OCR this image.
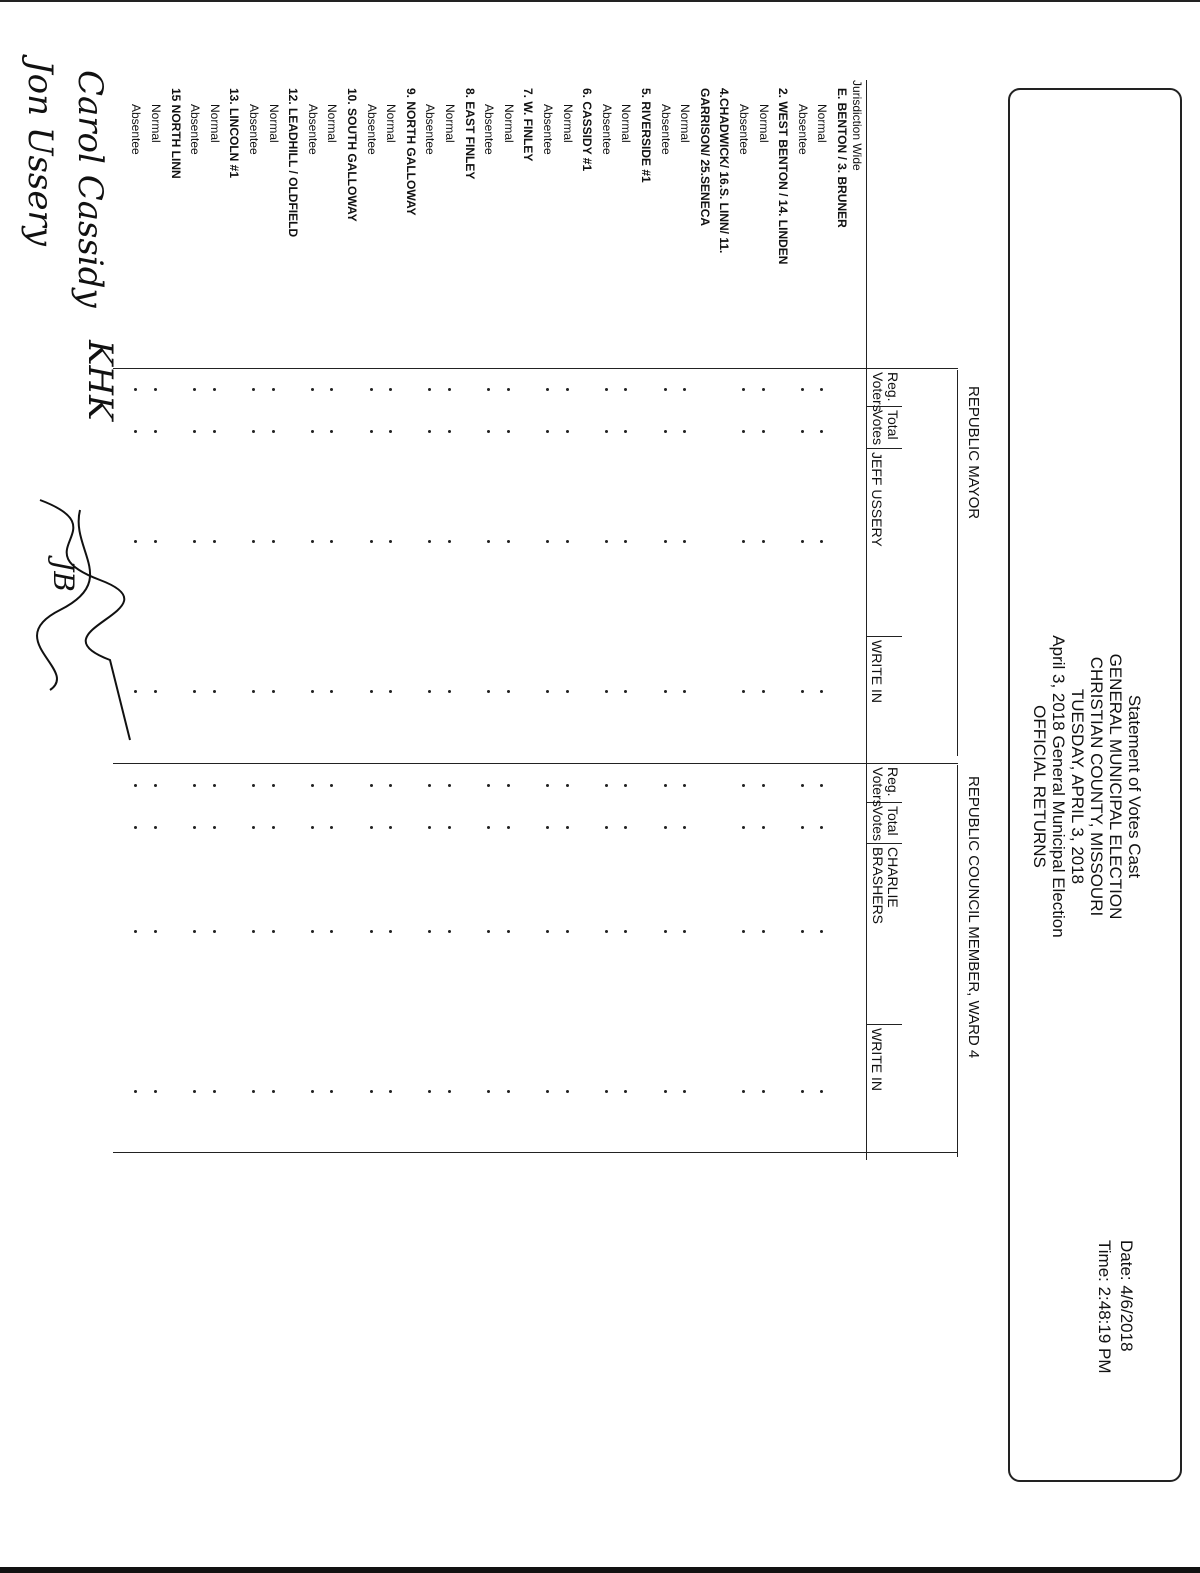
Statement of Votes Cast
GENERAL MUNICIPAL ELECTION
CHRISTIAN COUNTY, MISSOURI
TUESDAY, APRIL 3, 2018
April 3, 2018 General Municipal Election
OFFICIAL RETURNS
Date: 4/6/2018
Time: 2:48:19 PM
REPUBLIC MAYOR
REPUBLIC COUNCIL MEMBER, WARD 4
Reg.
Voters
Total
Votes
JEFF USSERY
WRITE IN
Reg.
Voters
Total
Votes
CHARLIE
BRASHERS
WRITE IN
Jurisdiction Wide
E. BENTON / 3. BRUNER
Normal
Absentee
2. WEST BENTON / 14. LINDEN
Normal
Absentee
4.CHADWICK/ 16.S. LINN/ 11.
GARRISON/ 25.SENECA
Normal
Absentee
5. RIVERSIDE #1
Normal
Absentee
6. CASSIDY #1
Normal
Absentee
7. W. FINLEY
Normal
Absentee
8. EAST FINLEY
Normal
Absentee
9. NORTH GALLOWAY
Normal
Absentee
10. SOUTH GALLOWAY
Normal
Absentee
12. LEADHILL / OLDFIELD
Normal
Absentee
13. LINCOLN #1
Normal
Absentee
15 NORTH LINN
Normal
Absentee
Carol Cassidy
Jon Ussery
KHK
JB
